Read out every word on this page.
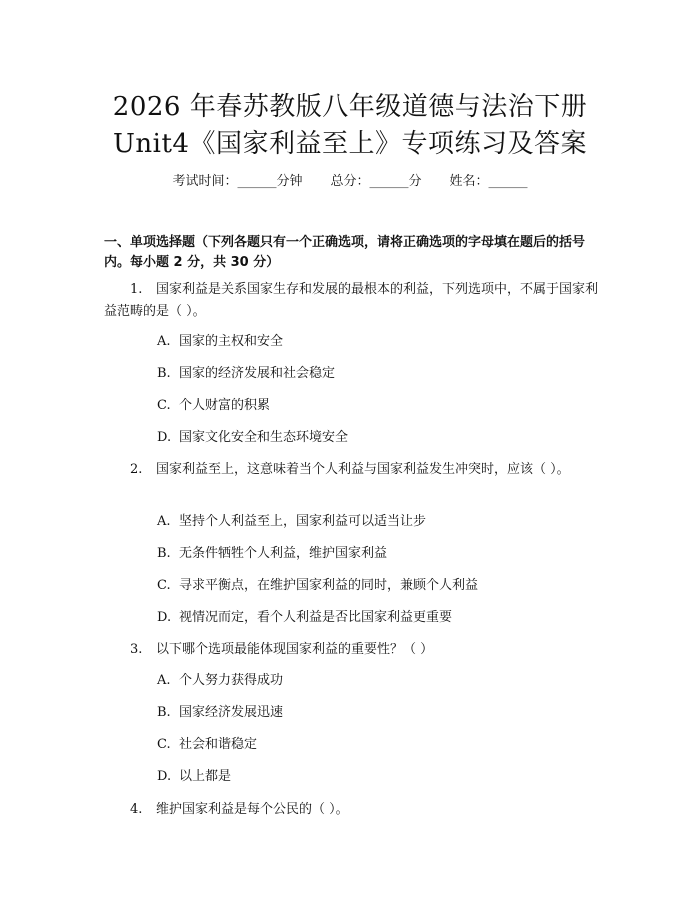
2026 年春苏教版八年级道德与法治下册
Unit4《国家利益至上》专项练习及答案
考试时间：______分钟 总分：______分 姓名：______
一、单项选择题（下列各题只有一个正确选项，请将正确选项的字母填在题后的括号内。每小题 2 分，共 30 分）
1. 国家利益是关系国家生存和发展的最根本的利益，下列选项中，不属于国家利益范畴的是（ ）。
A. 国家的主权和安全
B. 国家的经济发展和社会稳定
C. 个人财富的积累
D. 国家文化安全和生态环境安全
2. 国家利益至上，这意味着当个人利益与国家利益发生冲突时，应该（ ）。
A. 坚持个人利益至上，国家利益可以适当让步
B. 无条件牺牲个人利益，维护国家利益
C. 寻求平衡点，在维护国家利益的同时，兼顾个人利益
D. 视情况而定，看个人利益是否比国家利益更重要
3. 以下哪个选项最能体现国家利益的重要性？（ ）
A. 个人努力获得成功
B. 国家经济发展迅速
C. 社会和谐稳定
D. 以上都是
4. 维护国家利益是每个公民的（ ）。
